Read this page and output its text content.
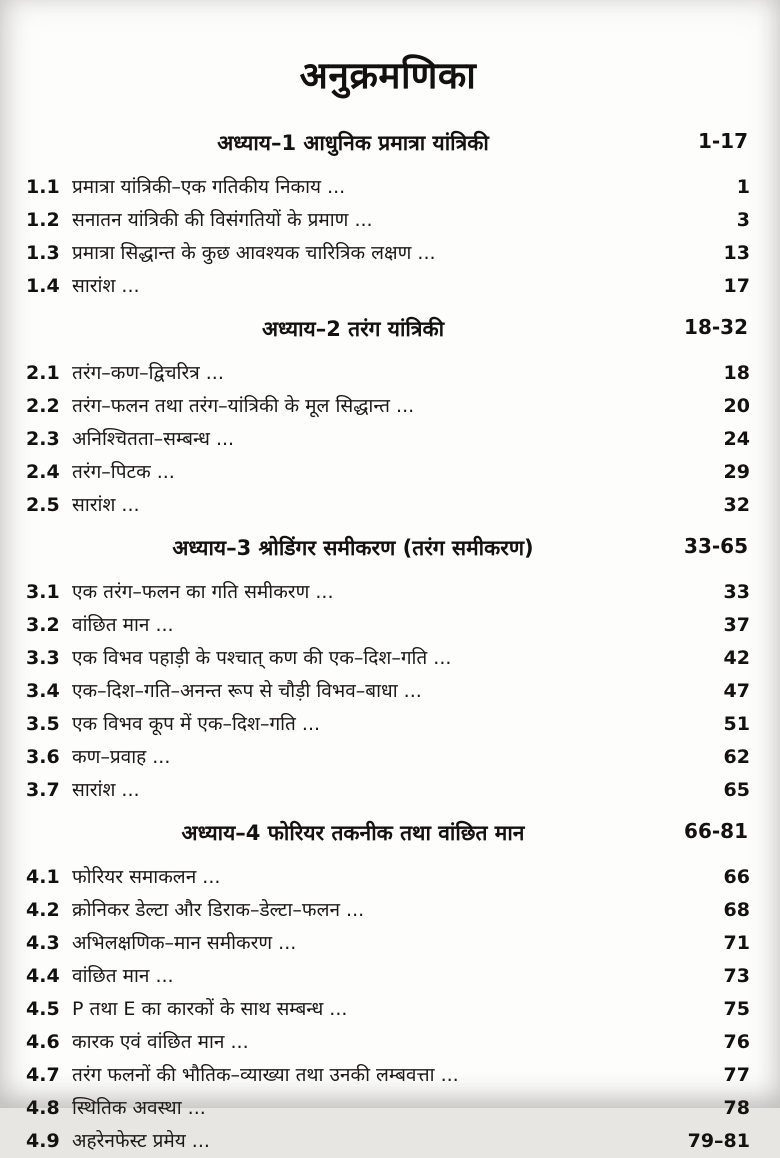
अनुक्रमणिका
अध्याय–1 आधुनिक प्रमात्रा यांत्रिकी	1-17
1.1 प्रमात्रा यांत्रिकी–एक गतिकीय निकाय ...	1
1.2 सनातन यांत्रिकी की विसंगतियों के प्रमाण ...	3
1.3 प्रमात्रा सिद्धान्त के कुछ आवश्यक चारित्रिक लक्षण ...	13
1.4 सारांश ...	17
अध्याय–2 तरंग यांत्रिकी	18-32
2.1 तरंग–कण–द्विचरित्र ...	18
2.2 तरंग–फलन तथा तरंग–यांत्रिकी के मूल सिद्धान्त ...	20
2.3 अनिश्चितता–सम्बन्ध ...	24
2.4 तरंग–पिटक ...	29
2.5 सारांश ...	32
अध्याय–3 श्रोडिंगर समीकरण (तरंग समीकरण)	33-65
3.1 एक तरंग–फलन का गति समीकरण ...	33
3.2 वांछित मान ...	37
3.3 एक विभव पहाड़ी के पश्चात् कण की एक–दिश–गति ...	42
3.4 एक–दिश–गति–अनन्त रूप से चौड़ी विभव–बाधा ...	47
3.5 एक विभव कूप में एक–दिश–गति ...	51
3.6 कण–प्रवाह ...	62
3.7 सारांश ...	65
अध्याय–4 फोरियर तकनीक तथा वांछित मान	66-81
4.1 फोरियर समाकलन ...	66
4.2 क्रोनिकर डेल्टा और डिराक–डेल्टा–फलन ...	68
4.3 अभिलक्षणिक–मान समीकरण ...	71
4.4 वांछित मान ...	73
4.5 P तथा E का कारकों के साथ सम्बन्ध ...	75
4.6 कारक एवं वांछित मान ...	76
4.7 तरंग फलनों की भौतिक–व्याख्या तथा उनकी लम्बवत्ता ...	77
4.8 स्थितिक अवस्था ...	78
4.9 अहरेनफेस्ट प्रमेय ...	79–81
